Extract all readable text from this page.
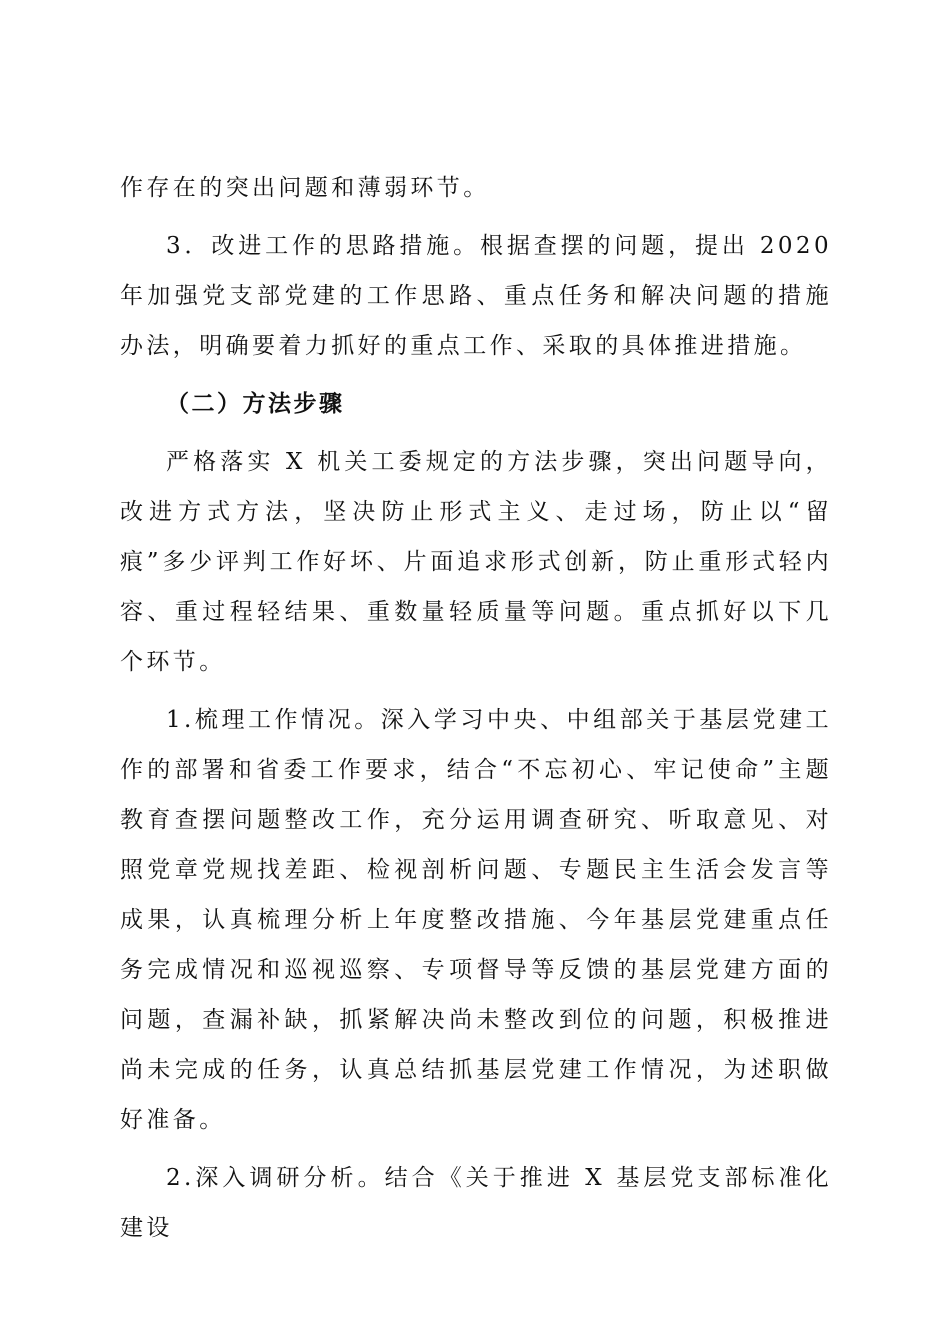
作存在的突出问题和薄弱环节。

3．改进工作的思路措施。根据查摆的问题，提出 2020 年加强党支部党建的工作思路、重点任务和解决问题的措施办法，明确要着力抓好的重点工作、采取的具体推进措施。

（二）方法步骤

严格落实 X 机关工委规定的方法步骤，突出问题导向，改进方式方法，坚决防止形式主义、走过场，防止以“留痕”多少评判工作好坏、片面追求形式创新，防止重形式轻内容、重过程轻结果、重数量轻质量等问题。重点抓好以下几个环节。

1.梳理工作情况。深入学习中央、中组部关于基层党建工作的部署和省委工作要求，结合“不忘初心、牢记使命”主题教育查摆问题整改工作，充分运用调查研究、听取意见、对照党章党规找差距、检视剖析问题、专题民主生活会发言等成果，认真梳理分析上年度整改措施、今年基层党建重点任务完成情况和巡视巡察、专项督导等反馈的基层党建方面的问题，查漏补缺，抓紧解决尚未整改到位的问题，积极推进尚未完成的任务，认真总结抓基层党建工作情况，为述职做好准备。

2.深入调研分析。结合《关于推进 X 基层党支部标准化建设
